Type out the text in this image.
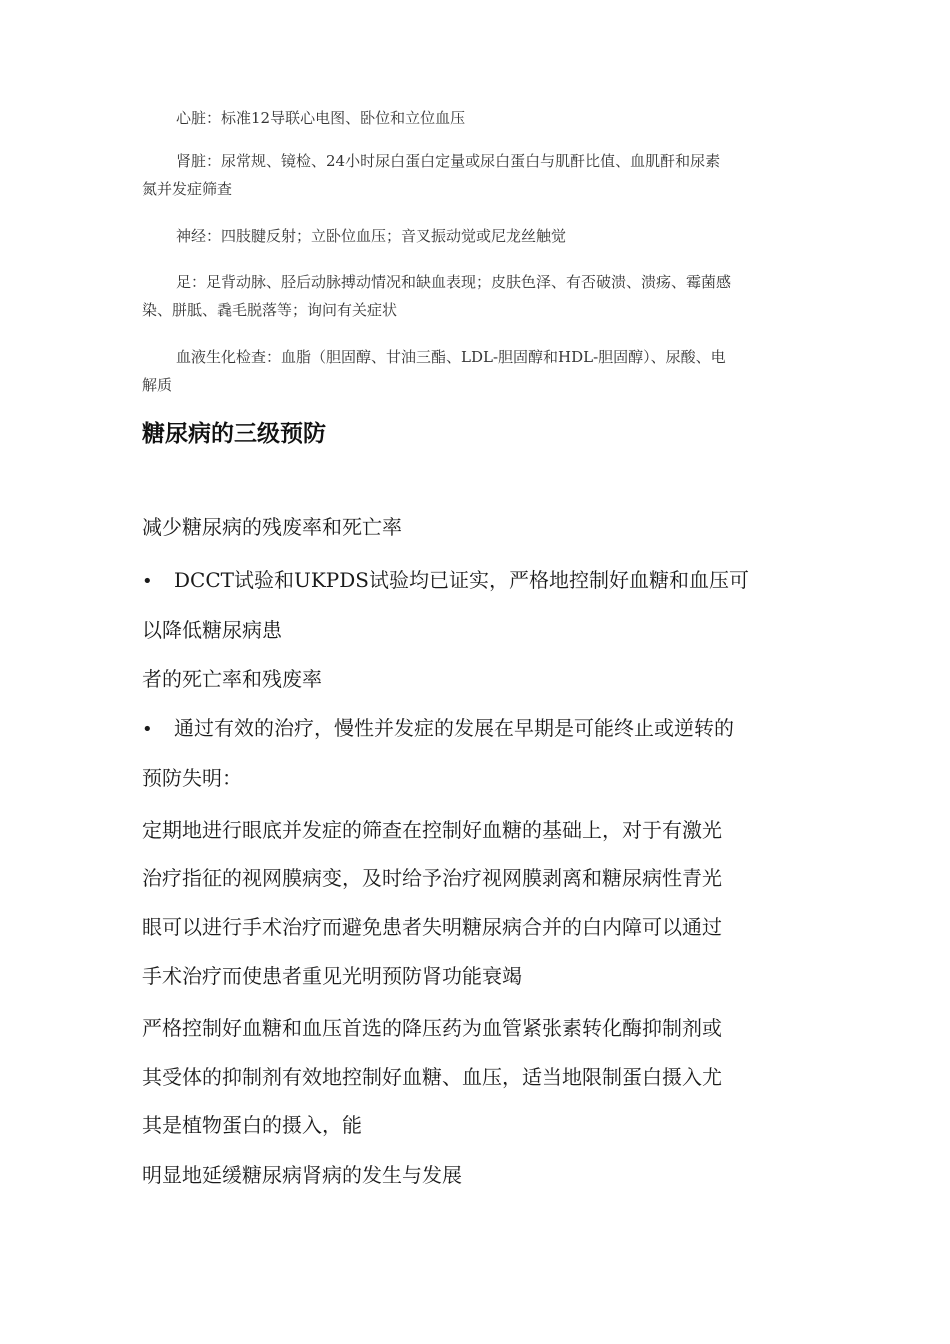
心脏：标准12导联心电图、卧位和立位血压

肾脏：尿常规、镜检、24小时尿白蛋白定量或尿白蛋白与肌酐比值、血肌酐和尿素
氮并发症筛查

神经：四肢腱反射；立卧位血压；音叉振动觉或尼龙丝触觉

足：足背动脉、胫后动脉搏动情况和缺血表现；皮肤色泽、有否破溃、溃疡、霉菌感
染、胼胝、毳毛脱落等；询问有关症状

血液生化检查：血脂（胆固醇、甘油三酯、LDL-胆固醇和HDL-胆固醇）、尿酸、电
解质

糖尿病的三级预防

减少糖尿病的残废率和死亡率

• DCCT试验和UKPDS试验均已证实，严格地控制好血糖和血压可

以降低糖尿病患

者的死亡率和残废率

• 通过有效的治疗，慢性并发症的发展在早期是可能终止或逆转的

预防失明：

定期地进行眼底并发症的筛查在控制好血糖的基础上，对于有激光

治疗指征的视网膜病变，及时给予治疗视网膜剥离和糖尿病性青光

眼可以进行手术治疗而避免患者失明糖尿病合并的白内障可以通过

手术治疗而使患者重见光明预防肾功能衰竭

严格控制好血糖和血压首选的降压药为血管紧张素转化酶抑制剂或

其受体的抑制剂有效地控制好血糖、血压，适当地限制蛋白摄入尤

其是植物蛋白的摄入，能

明显地延缓糖尿病肾病的发生与发展
